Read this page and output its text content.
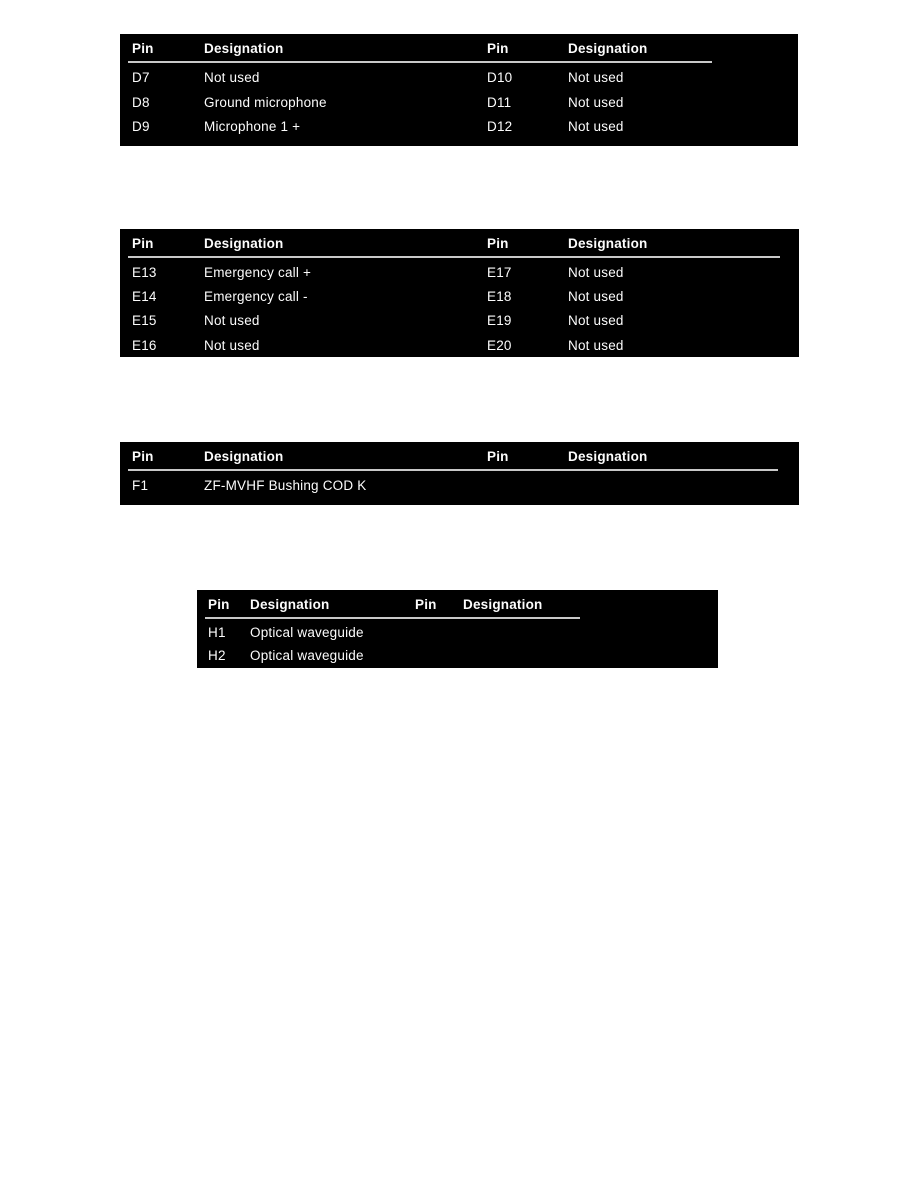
Pin	Designation	Pin	Designation
D7	Not used	D10	Not used
D8	Ground microphone	D11	Not used
D9	Microphone 1 +	D12	Not used
Pin	Designation	Pin	Designation
E13	Emergency call +	E17	Not used
E14	Emergency call -	E18	Not used
E15	Not used	E19	Not used
E16	Not used	E20	Not used
Pin	Designation	Pin	Designation
F1	ZF-MVHF Bushing COD K
Pin	Designation	Pin	Designation
H1	Optical waveguide
H2	Optical waveguide
